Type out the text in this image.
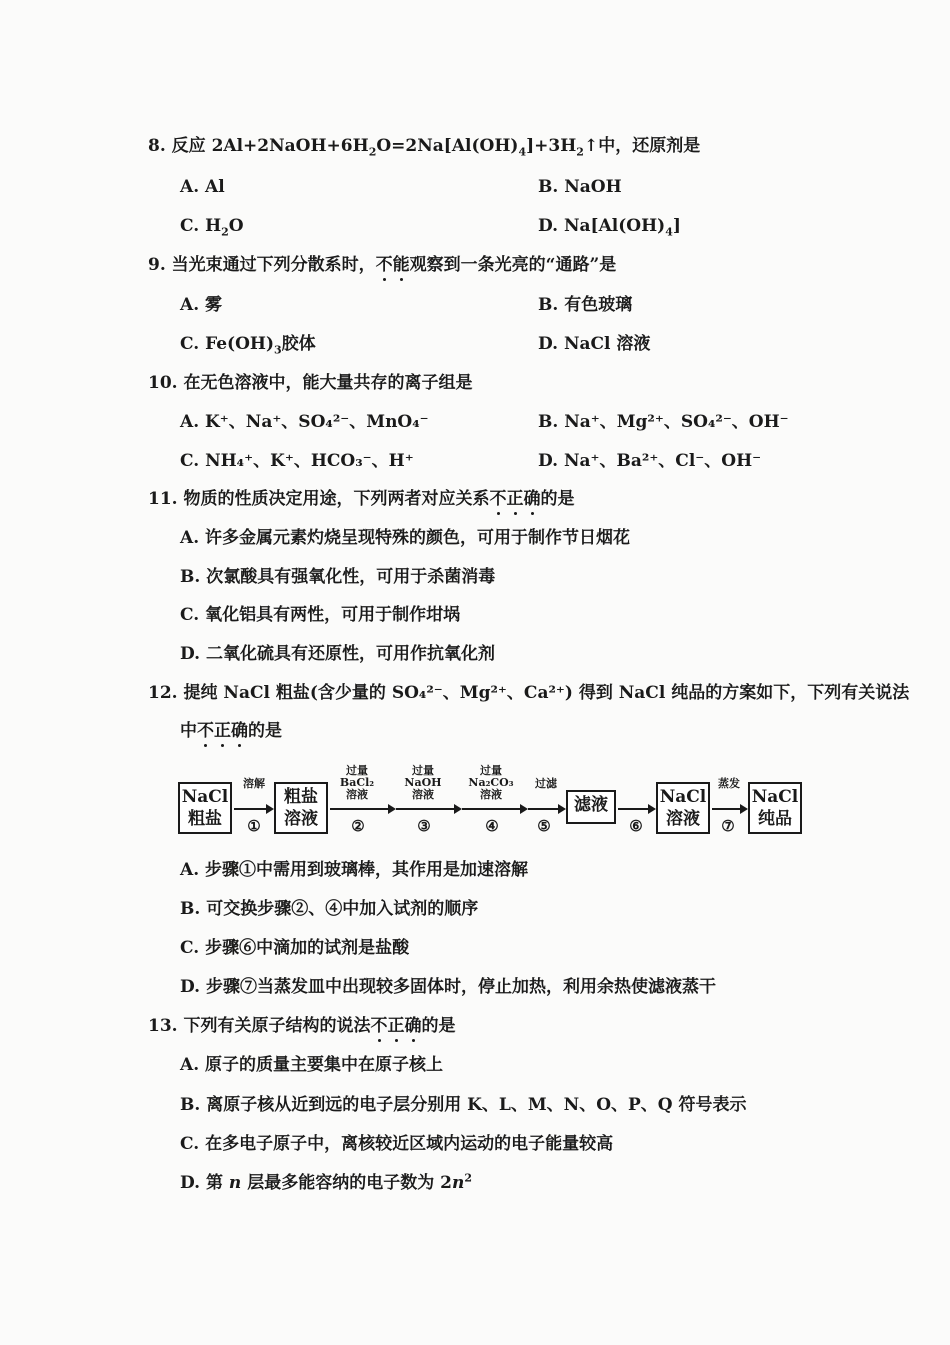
8. 反应 $2Al+2NaOH+6H_2O=2Na[Al(OH)_4]+3H_2↑$中，还原剂是
A. Al	B. NaOH
C. $H_2O$	D. $Na[Al(OH)_4]$
9. 当光束通过下列分散系时，不能观察到一条光亮的“通路”是
A. 雾	B. 有色玻璃
C. $Fe(OH)_3$胶体	D. NaCl 溶液
10. 在无色溶液中，能大量共存的离子组是
A. K⁺、Na⁺、SO₄²⁻、MnO₄⁻	B. Na⁺、Mg²⁺、SO₄²⁻、OH⁻
C. NH₄⁺、K⁺、HCO₃⁻、H⁺	D. Na⁺、Ba²⁺、Cl⁻、OH⁻
11. 物质的性质决定用途，下列两者对应关系不正确的是
A. 许多金属元素灼烧呈现特殊的颜色，可用于制作节日烟花
B. 次氯酸具有强氧化性，可用于杀菌消毒
C. 氧化铝具有两性，可用于制作坩埚
D. 二氧化硫具有还原性，可用作抗氧化剂
12. 提纯 NaCl 粗盐(含少量的 SO₄²⁻、Mg²⁺、Ca²⁺) 得到 NaCl 纯品的方案如下，下列有关说法
中不正确的是
NaCl
粗盐
溶解
①
粗盐
溶液
过量
BaCl₂
溶液
②
过量
NaOH
溶液
③
过量
Na₂CO₃
溶液
④
过滤
⑤
滤液
⑥
NaCl
溶液
蒸发
⑦
NaCl
纯品
A. 步骤①中需用到玻璃棒，其作用是加速溶解
B. 可交换步骤②、④中加入试剂的顺序
C. 步骤⑥中滴加的试剂是盐酸
D. 步骤⑦当蒸发皿中出现较多固体时，停止加热，利用余热使滤液蒸干
13. 下列有关原子结构的说法不正确的是
A. 原子的质量主要集中在原子核上
B. 离原子核从近到远的电子层分别用 K、L、M、N、O、P、Q 符号表示
C. 在多电子原子中，离核较近区域内运动的电子能量较高
D. 第 n 层最多能容纳的电子数为 $2n^2$
